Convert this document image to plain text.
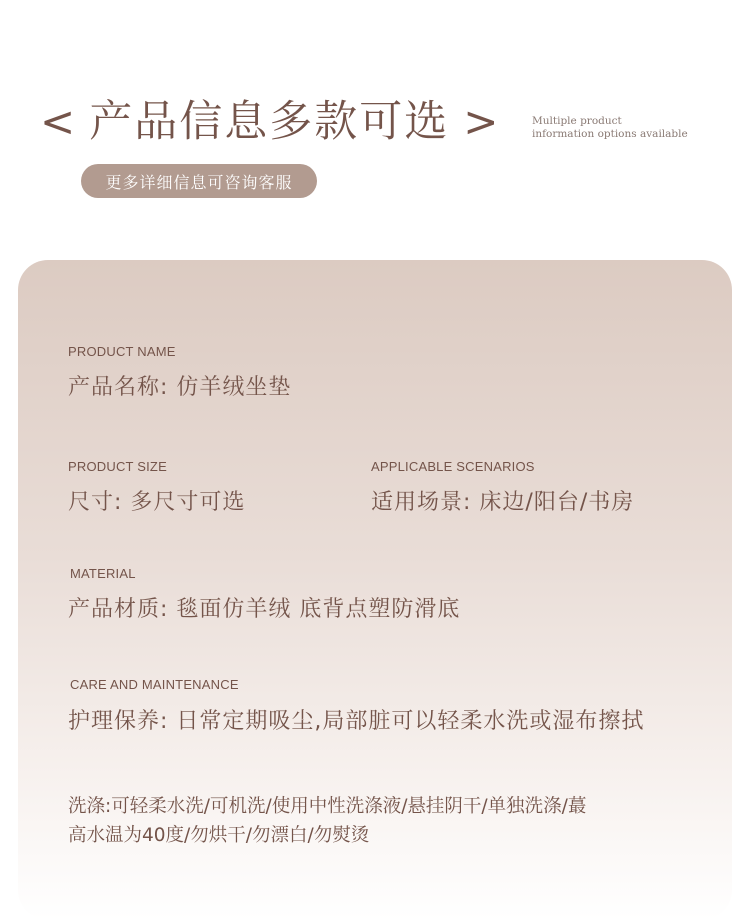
< 产品信息多款可选 >	Multiple product
information options available
更多详细信息可咨询客服
PRODUCT NAME
产品名称: 仿羊绒坐垫
PRODUCT SIZE
尺寸: 多尺寸可选
APPLICABLE SCENARIOS
适用场景: 床边/阳台/书房
MATERIAL
产品材质: 毯面仿羊绒 底背点塑防滑底
CARE AND MAINTENANCE
护理保养: 日常定期吸尘,局部脏可以轻柔水洗或湿布擦拭
洗涤:可轻柔水洗/可机洗/使用中性洗涤液/悬挂阴干/单独洗涤/蕞
高水温为40度/勿烘干/勿漂白/勿熨烫
